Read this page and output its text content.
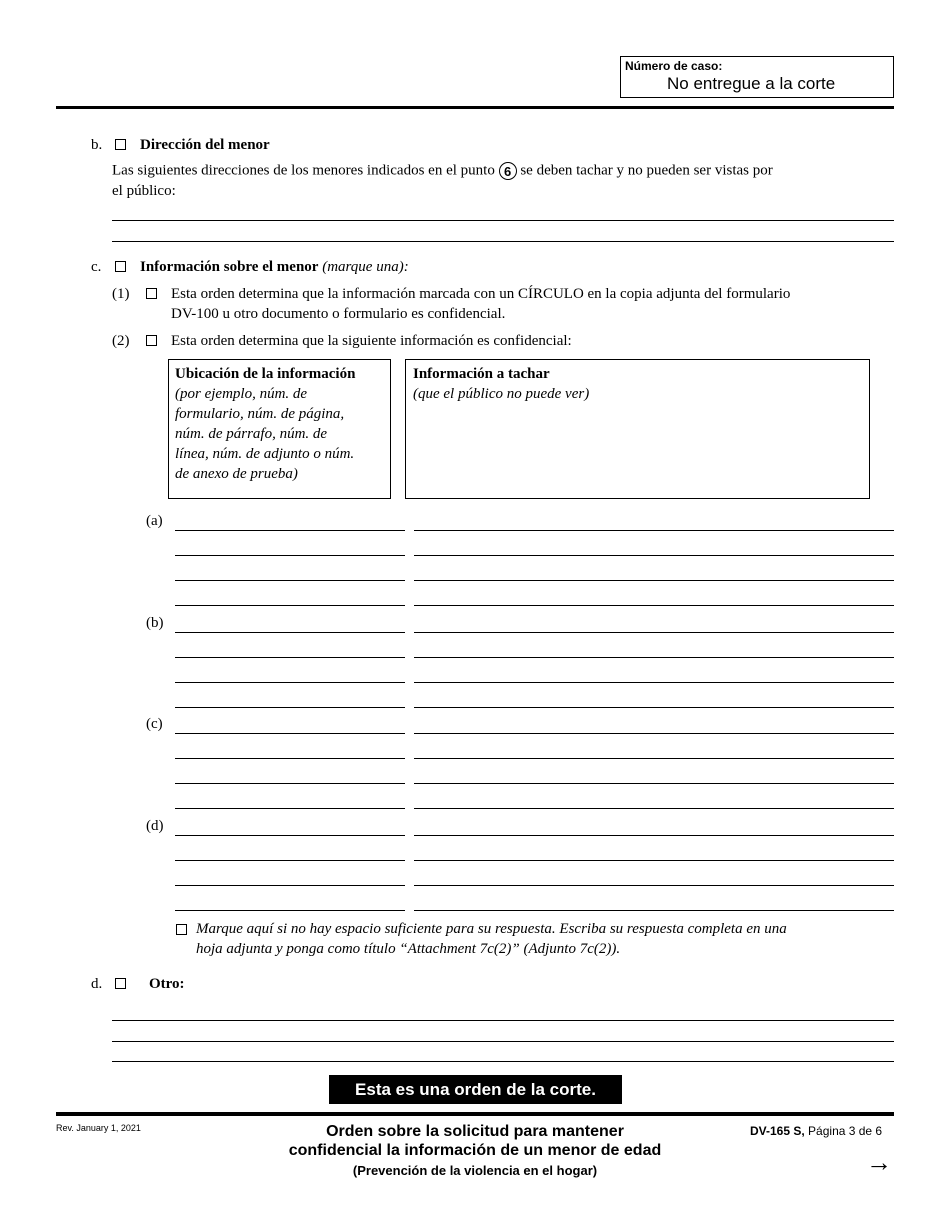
Número de caso:
No entregue a la corte
b.	Dirección del menor
Las siguientes direcciones de los menores indicados en el punto 6 se deben tachar y no pueden ser vistas por
el público:
c.	Información sobre el menor (marque una):
(1)	Esta orden determina que la información marcada con un CÍRCULO en la copia adjunta del formulario
DV-100 u otro documento o formulario es confidencial.
(2)	Esta orden determina que la siguiente información es confidencial:
Ubicación de la información
(por ejemplo, núm. de
formulario, núm. de página,
núm. de párrafo, núm. de
línea, núm. de adjunto o núm.
de anexo de prueba)
Información a tachar
(que el público no puede ver)
(a)
(b)
(c)
(d)
Marque aquí si no hay espacio suficiente para su respuesta. Escriba su respuesta completa en una
hoja adjunta y ponga como título “Attachment 7c(2)” (Adjunto 7c(2)).
d.	Otro:
Esta es una orden de la corte.
Rev. January 1, 2021	Orden sobre la solicitud para mantener
confidencial la información de un menor de edad
(Prevención de la violencia en el hogar)
DV-165 S, Página 3 de 6
→
